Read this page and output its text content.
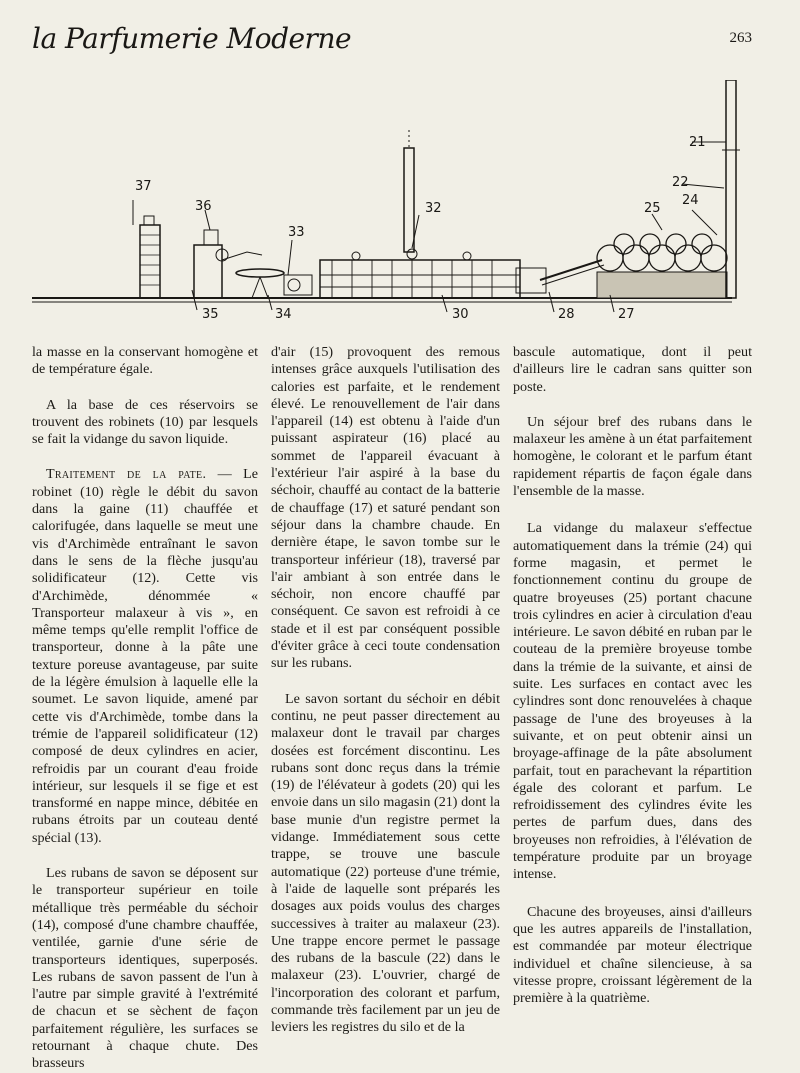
la Parfumerie Moderne	263
37
36
33
32
21
22
25
24
35	34	30	28	27

la masse en la conservant homogène et de température égale.

A la base de ces réservoirs se trouvent des robinets (10) par lesquels se fait la vidange du savon liquide.

Traitement de la pate. — Le robinet (10) règle le débit du savon dans la gaine (11) chauffée et calorifugée, dans laquelle se meut une vis d'Archimède entraînant le savon dans le sens de la flèche jusqu'au solidificateur (12). Cette vis d'Archimède, dénommée « Transporteur malaxeur à vis », en même temps qu'elle remplit l'office de transporteur, donne à la pâte une texture poreuse avantageuse, par suite de la légère émulsion à laquelle elle la soumet. Le savon liquide, amené par cette vis d'Archimède, tombe dans la trémie de l'appareil solidificateur (12) composé de deux cylindres en acier, refroidis par un courant d'eau froide intérieur, sur lesquels il se fige et est transformé en nappe mince, débitée en rubans étroits par un couteau denté spécial (13).

Les rubans de savon se déposent sur le transporteur supérieur en toile métallique très perméable du séchoir (14), composé d'une chambre chauffée, ventilée, garnie d'une série de transporteurs identiques, superposés. Les rubans de savon passent de l'un à l'autre par simple gravité à l'extrémité de chacun et se sèchent de façon parfaitement régulière, les surfaces se retournant à chaque chute. Des brasseurs

d'air (15) provoquent des remous intenses grâce auxquels l'utilisation des calories est parfaite, et le rendement élevé. Le renouvellement de l'air dans l'appareil (14) est obtenu à l'aide d'un puissant aspirateur (16) placé au sommet de l'appareil évacuant à l'extérieur l'air aspiré à la base du séchoir, chauffé au contact de la batterie de chauffage (17) et saturé pendant son séjour dans la chambre chaude. En dernière étape, le savon tombe sur le transporteur inférieur (18), traversé par l'air ambiant à son entrée dans le séchoir, non encore chauffé par conséquent. Ce savon est refroidi à ce stade et il est par conséquent possible d'éviter grâce à ceci toute condensation sur les rubans.

Le savon sortant du séchoir en débit continu, ne peut passer directement au malaxeur dont le travail par charges dosées est forcément discontinu. Les rubans sont donc reçus dans la trémie (19) de l'élévateur à godets (20) qui les envoie dans un silo magasin (21) dont la base munie d'un registre permet la vidange. Immédiatement sous cette trappe, se trouve une bascule automatique (22) porteuse d'une trémie, à l'aide de laquelle sont préparés les dosages aux poids voulus des charges successives à traiter au malaxeur (23). Une trappe encore permet le passage des rubans de la bascule (22) dans le malaxeur (23). L'ouvrier, chargé de l'incorporation des colorant et parfum, commande très facilement par un jeu de leviers les registres du silo et de la

bascule automatique, dont il peut d'ailleurs lire le cadran sans quitter son poste.

Un séjour bref des rubans dans le malaxeur les amène à un état parfaitement homogène, le colorant et le parfum étant rapidement répartis de façon égale dans l'ensemble de la masse.

La vidange du malaxeur s'effectue automatiquement dans la trémie (24) qui forme magasin, et permet le fonctionnement continu du groupe de quatre broyeuses (25) portant chacune trois cylindres en acier à circulation d'eau intérieure. Le savon débité en ruban par le couteau de la première broyeuse tombe dans la trémie de la suivante, et ainsi de suite. Les surfaces en contact avec les cylindres sont donc renouvelées à chaque passage de l'une des broyeuses à la suivante, et on peut obtenir ainsi un broyage-affinage de la pâte absolument parfait, tout en parachevant la répartition égale des colorant et parfum. Le refroidissement des cylindres évite les pertes de parfum dues, dans des broyeuses non refroidies, à l'élévation de température produite par un broyage intense.

Chacune des broyeuses, ainsi d'ailleurs que les autres appareils de l'installation, est commandée par moteur électrique individuel et chaîne silencieuse, à sa vitesse propre, croissant légèrement de la première à la quatrième.
